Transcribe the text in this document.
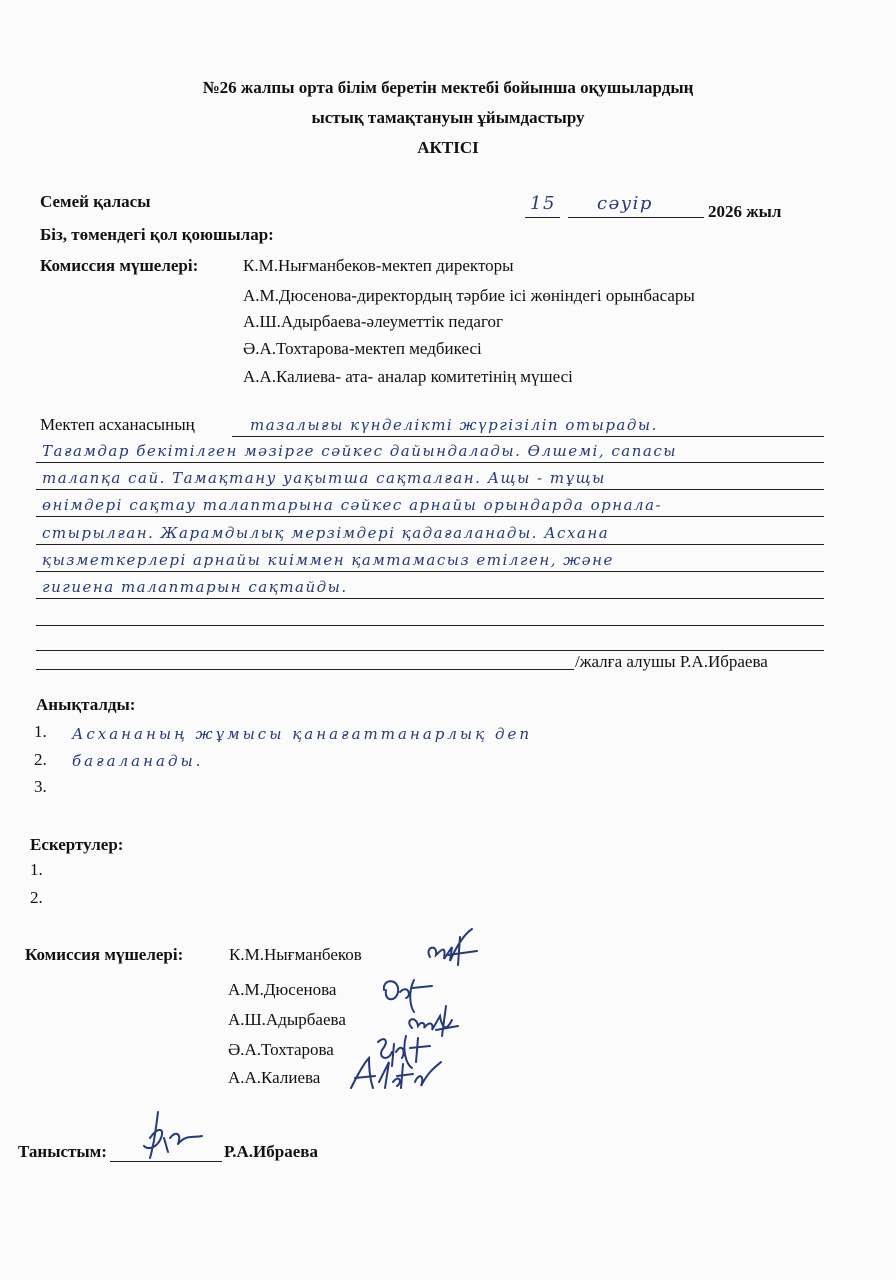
№26 жалпы орта білім беретін мектебі бойынша оқушылардың
ыстық тамақтануын ұйымдастыру
АКТІСІ
Семей қаласы	15 сәуір	2026 жыл
Біз, төмендегі қол қоюшылар:
Комиссия мүшелері:	К.М.Нығманбеков-мектеп директоры
А.М.Дюсенова-директордың тәрбие ісі жөніндегі орынбасары
А.Ш.Адырбаева-әлеуметтік педагог
Ә.А.Тохтарова-мектеп медбикесі
А.А.Калиева- ата- аналар комитетінің мүшесі
Мектеп асханасының	тазалығы күнделікті жүргізіліп отырады.
Тағамдар бекітілген мәзірге сәйкес дайындалады. Өлшемі, сапасы
талапқа сай. Тамақтану уақытша сақталған. Ащы - тұщы
өнімдері сақтау талаптарына сәйкес арнайы орындарда орнала-
стырылған. Жарамдылық мерзімдері қадағаланады. Асхана
қызметкерлері арнайы киіммен қамтамасыз етілген, және
гигиена талаптарын сақтайды.
/жалға алушы Р.А.Ибраева
Анықталды:
1. Асхананың жұмысы қанағаттанарлық деп
2. бағаланады.
3.
Ескертулер:
1.
2.
Комиссия мүшелері:	К.М.Нығманбеков
А.М.Дюсенова
А.Ш.Адырбаева
Ә.А.Тохтарова
А.А.Калиева
Таныстым:	Р.А.Ибраева
